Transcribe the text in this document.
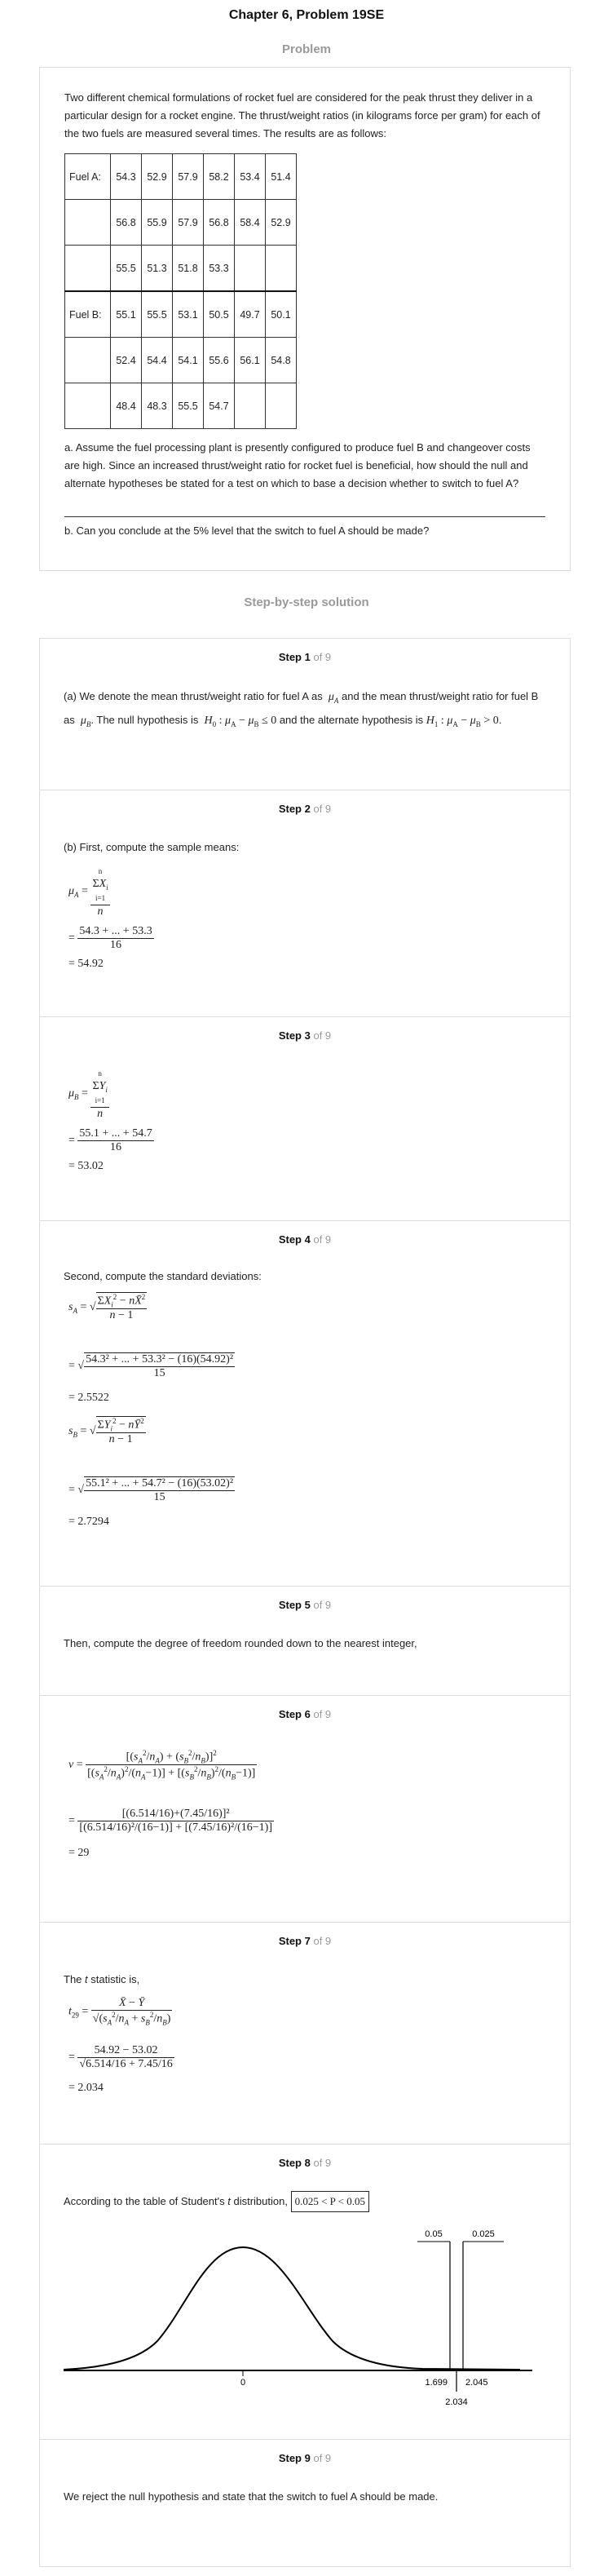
Chapter 6, Problem 19SE
Problem
Two different chemical formulations of rocket fuel are considered for the peak thrust they deliver in a particular design for a rocket engine. The thrust/weight ratios (in kilograms force per gram) for each of the two fuels are measured several times. The results are as follows:
Fuel A:	54.3	52.9	57.9	58.2	53.4	51.4
	56.8	55.9	57.9	56.8	58.4	52.9
	55.5	51.3	51.8	53.3		
Fuel B:	55.1	55.5	53.1	50.5	49.7	50.1
	52.4	54.4	54.1	55.6	56.1	54.8
	48.4	48.3	55.5	54.7		
a. Assume the fuel processing plant is presently configured to produce fuel B and changeover costs are high. Since an increased thrust/weight ratio for rocket fuel is beneficial, how should the null and alternate hypotheses be stated for a test on which to base a decision whether to switch to fuel A?
b. Can you conclude at the 5% level that the switch to fuel A should be made?
Step-by-step solution
Step 1 of 9
(a) We denote the mean thrust/weight ratio for fuel A as  $\mu_A$ and the mean thrust/weight ratio for fuel B as  $\mu_B$. The null hypothesis is  $H_0$ : $\mu_A - \mu_B \le 0$ and the alternate hypothesis is $H_1$ : $\mu_A - \mu_B > 0$.
Step 2 of 9
(b) First, compute the sample means:
$\mu_A$ =
n
$\Sigma X_i$
i=1
n
= $\frac{54.3 + ... + 53.3}{16}$
= 54.92
Step 3 of 9
$\mu_B$ =
n
$\Sigma Y_i$
i=1
n
= $\frac{55.1 + ... + 54.7}{16}$
= 53.02
Step 4 of 9
Second, compute the standard deviations:
$s_A$ = √ $\frac{\Sigma X_i^2 - nX̄^2}{n - 1}$
= √ $\frac{\text{54.3² + ... + 53.3² − (16)(54.92)²}}{15}$
= 2.5522
$s_B$ = √ $\frac{\Sigma Y_i^2 - nȲ^2}{n - 1}$
= √ $\frac{\text{55.1² + ... + 54.7² − (16)(53.02)²}}{15}$
= 2.7294
Step 5 of 9
Then, compute the degree of freedom rounded down to the nearest integer,
Step 6 of 9
$v = \frac{[(s_A^2/n_A) + (s_B^2/n_B)]^2}{[(s_A^2/n_A)^2/(n_A-1)] + [(s_B^2/n_B)^2/(n_B-1)]}$
= $\frac{\text{[(6.514/16)+(7.45/16)]²}}{\text{[(6.514/16)²/(16−1)] + [(7.45/16)²/(16−1)]}}$
= 29
Step 7 of 9
The t statistic is,
$t_{29} = \frac{X̄ - Ȳ}{√(s_A^2/n_A + s_B^2/n_B)}$
= $\frac{54.92 - 53.02}{√6.514/16 + 7.45/16}$
= 2.034
Step 8 of 9
According to the table of Student's t distribution, 0.025 < P < 0.05
0
0.05	0.025
1.699 2.045
2.034
Step 9 of 9
We reject the null hypothesis and state that the switch to fuel A should be made.
